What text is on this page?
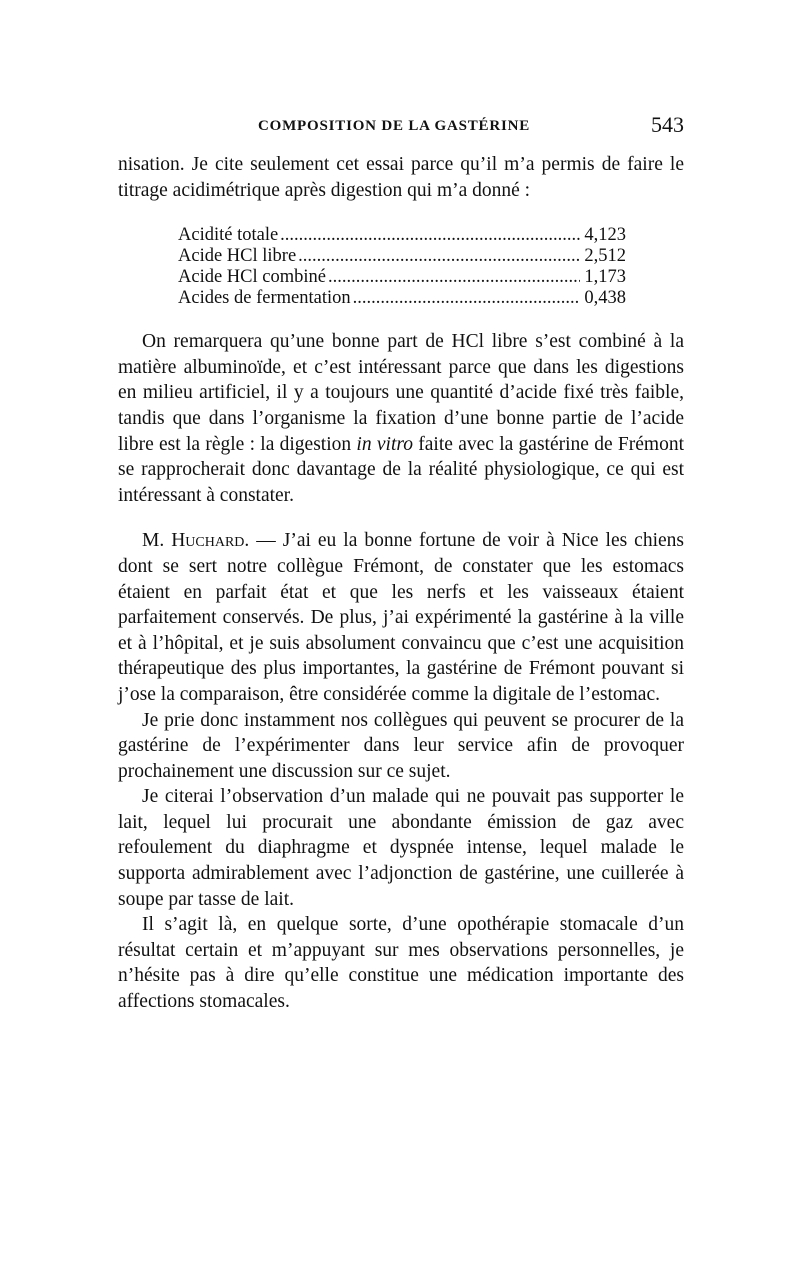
COMPOSITION DE LA GASTÉRINE	543

nisation. Je cite seulement cet essai parce qu’il m’a permis de faire le titrage acidimétrique après digestion qui m’a donné :

Acidité totale .....	4,123
Acide HCl libre .....	2,512
Acide HCl combiné .....	1,173
Acides de fermentation .....	0,438

On remarquera qu’une bonne part de HCl libre s’est combiné à la matière albuminoïde, et c’est intéressant parce que dans les digestions en milieu artificiel, il y a toujours une quantité d’acide fixé très faible, tandis que dans l’organisme la fixation d’une bonne partie de l’acide libre est la règle : la digestion in vitro faite avec la gastérine de Frémont se rapprocherait donc davantage de la réalité physiologique, ce qui est intéressant à constater.

M. Huchard. — J’ai eu la bonne fortune de voir à Nice les chiens dont se sert notre collègue Frémont, de constater que les estomacs étaient en parfait état et que les nerfs et les vaisseaux étaient parfaitement conservés. De plus, j’ai expérimenté la gastérine à la ville et à l’hôpital, et je suis absolument convaincu que c’est une acquisition thérapeutique des plus importantes, la gastérine de Frémont pouvant si j’ose la comparaison, être considérée comme la digitale de l’estomac.

Je prie donc instamment nos collègues qui peuvent se procurer de la gastérine de l’expérimenter dans leur service afin de provoquer prochainement une discussion sur ce sujet.

Je citerai l’observation d’un malade qui ne pouvait pas supporter le lait, lequel lui procurait une abondante émission de gaz avec refoulement du diaphragme et dyspnée intense, lequel malade le supporta admirablement avec l’adjonction de gastérine, une cuillerée à soupe par tasse de lait.

Il s’agit là, en quelque sorte, d’une opothérapie stomacale d’un résultat certain et m’appuyant sur mes observations personnelles, je n’hésite pas à dire qu’elle constitue une médication importante des affections stomacales.
